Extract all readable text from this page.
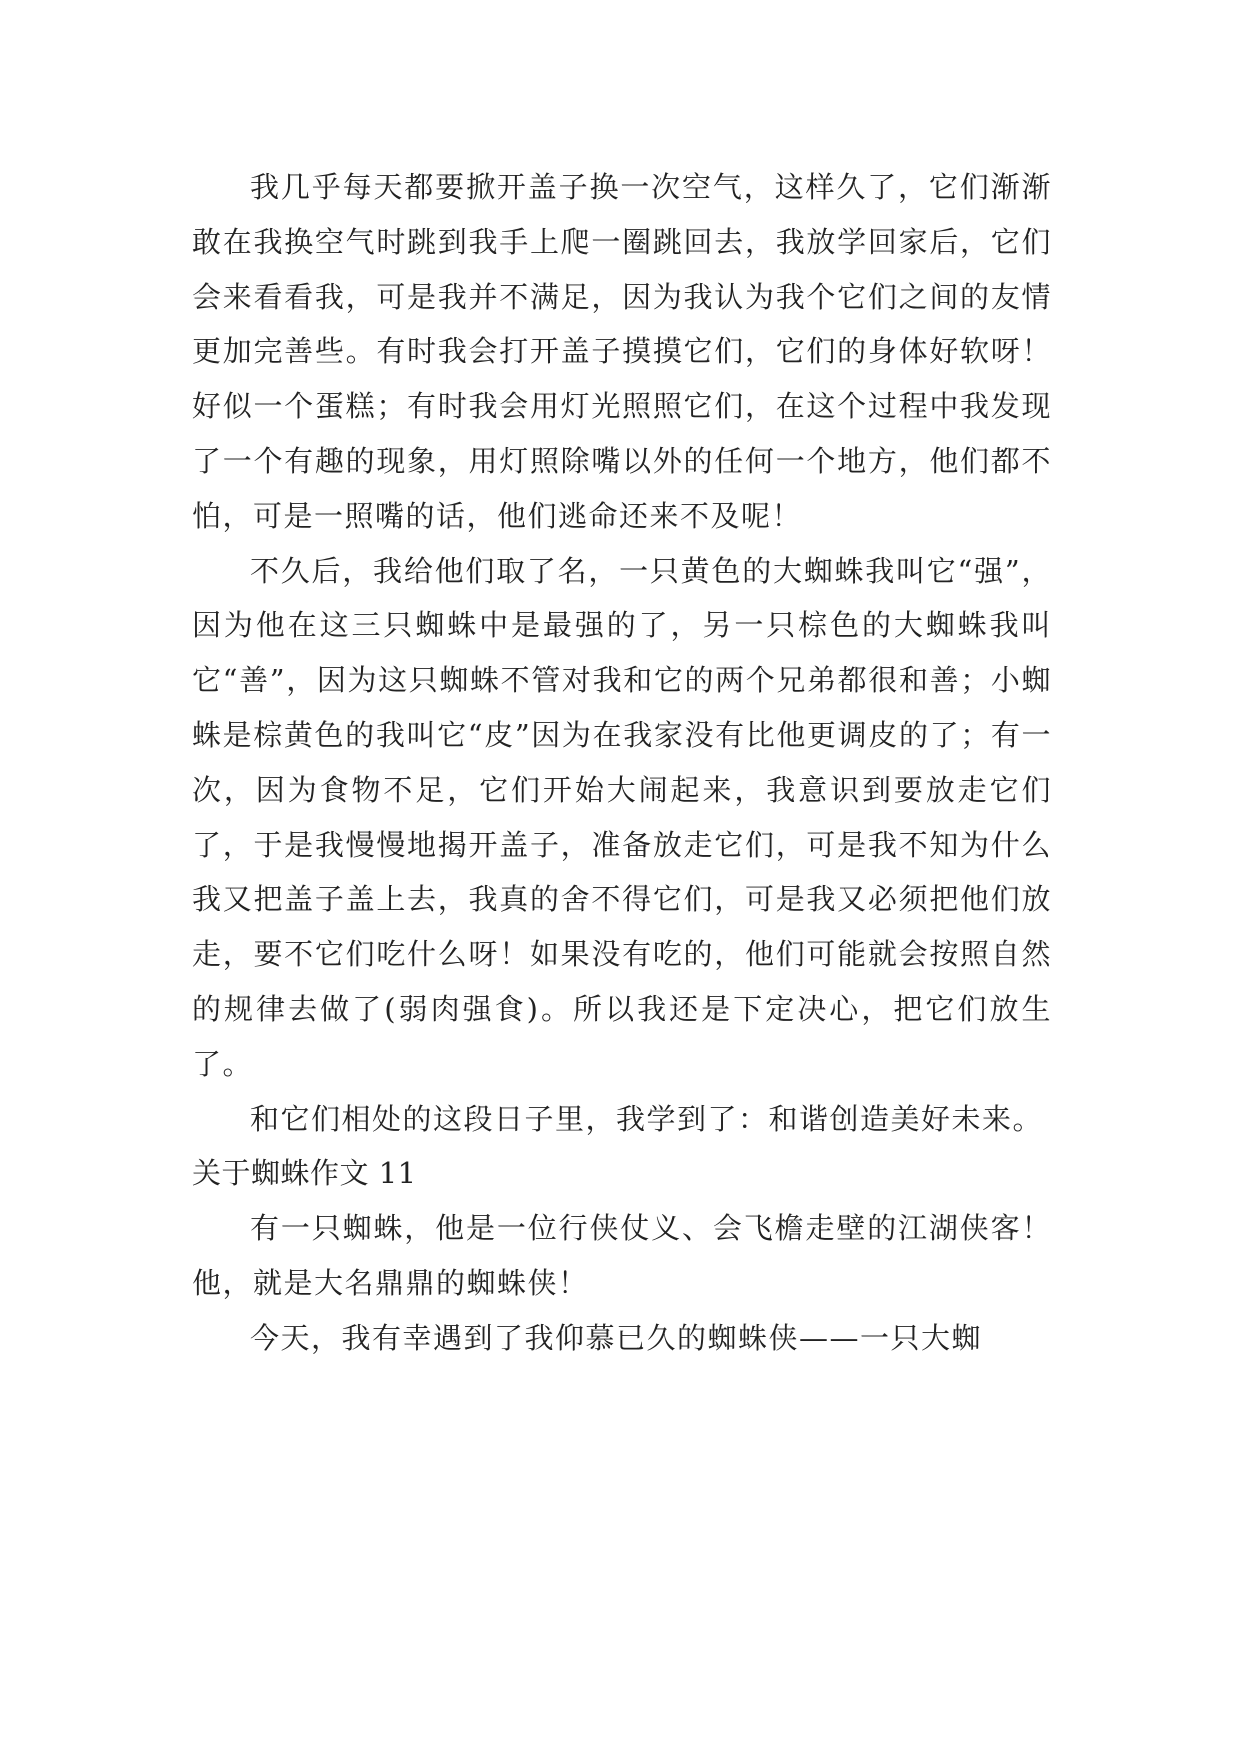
我几乎每天都要掀开盖子换一次空气，这样久了，它们渐渐敢在我换空气时跳到我手上爬一圈跳回去，我放学回家后，它们会来看看我，可是我并不满足，因为我认为我个它们之间的友情更加完善些。有时我会打开盖子摸摸它们，它们的身体好软呀！好似一个蛋糕；有时我会用灯光照照它们，在这个过程中我发现了一个有趣的现象，用灯照除嘴以外的任何一个地方，他们都不怕，可是一照嘴的话，他们逃命还来不及呢！

不久后，我给他们取了名，一只黄色的大蜘蛛我叫它“强”，因为他在这三只蜘蛛中是最强的了，另一只棕色的大蜘蛛我叫它“善”，因为这只蜘蛛不管对我和它的两个兄弟都很和善；小蜘蛛是棕黄色的我叫它“皮”因为在我家没有比他更调皮的了；有一次，因为食物不足，它们开始大闹起来，我意识到要放走它们了，于是我慢慢地揭开盖子，准备放走它们，可是我不知为什么我又把盖子盖上去，我真的舍不得它们，可是我又必须把他们放走，要不它们吃什么呀！如果没有吃的，他们可能就会按照自然的规律去做了(弱肉强食)。所以我还是下定决心，把它们放生了。

和它们相处的这段日子里，我学到了：和谐创造美好未来。

关于蜘蛛作文 11

有一只蜘蛛，他是一位行侠仗义、会飞檐走壁的江湖侠客！他，就是大名鼎鼎的蜘蛛侠！

今天，我有幸遇到了我仰慕已久的蜘蛛侠——一只大蜘
